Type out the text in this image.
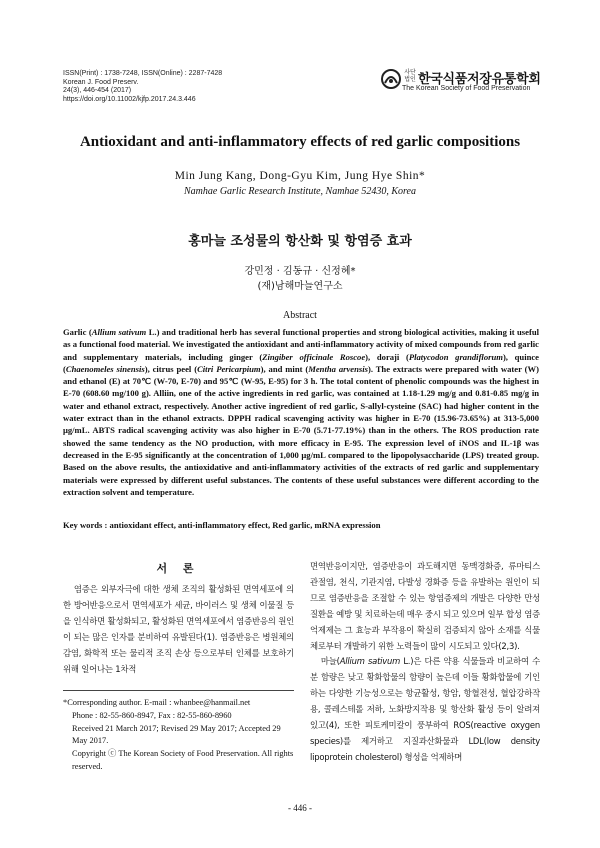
ISSN(Print) : 1738-7248, ISSN(Online) : 2287-7428
Korean J. Food Preserv.
24(3), 446-454 (2017)
https://doi.org/10.11002/kjfp.2017.24.3.446
사단 법인 한국식품저장유통학회
The Korean Society of Food Preservation
Antioxidant and anti-inflammatory effects of red garlic compositions
Min Jung Kang, Dong-Gyu Kim, Jung Hye Shin*
Namhae Garlic Research Institute, Namhae 52430, Korea
홍마늘 조성물의 항산화 및 항염증 효과
강민정 · 김동규 · 신정혜*
(재)남해마늘연구소
Abstract

Garlic (Allium sativum L.) and traditional herb has several functional properties and strong biological activities, making it useful as a functional food material. We investigated the antioxidant and anti-inflammatory activity of mixed compounds from red garlic and supplementary materials, including ginger (Zingiber officinale Roscoe), doraji (Platycodon grandiflorum), quince (Chaenomeles sinensis), citrus peel (Citri Pericarpium), and mint (Mentha arvensis). The extracts were prepared with water (W) and ethanol (E) at 70℃ (W-70, E-70) and 95℃ (W-95, E-95) for 3 h. The total content of phenolic compounds was the highest in E-70 (608.60 mg/100 g). Alliin, one of the active ingredients in red garlic, was contained at 1.18-1.29 mg/g and 0.81-0.85 mg/g in water and ethanol extract, respectively. Another active ingredient of red garlic, S-allyl-cysteine (SAC) had higher content in the water extract than in the ethanol extracts. DPPH radical scavenging activity was higher in E-70 (15.96-73.65%) at 313-5,000 μg/mL. ABTS radical scavenging activity was also higher in E-70 (5.71-77.19%) than in the others. The ROS production rate showed the same tendency as the NO production, with more efficacy in E-95. The expression level of iNOS and IL-1β was decreased in the E-95 significantly at the concentration of 1,000 μg/mL compared to the lipopolysaccharide (LPS) treated group. Based on the above results, the antioxidative and anti-inflammatory activities of the extracts of red garlic and supplementary materials were expressed by different useful substances. The contents of these useful substances were different according to the extraction solvent and temperature.

Key words : antioxidant effect, anti-inflammatory effect, Red garlic, mRNA expression
서 론

염증은 외부자극에 대한 생체 조직의 활성화된 면역세포에 의한 방어반응으로서 면역세포가 세균, 바이러스 및 생체 이물질 등을 인식하면 활성화되고, 활성화된 면역세포에서 염증반응의 원인이 되는 많은 인자를 분비하여 유발된다(1). 염증반응은 병원체의 감염, 화학적 또는 물리적 조직 손상 등으로부터 인체를 보호하기 위해 일어나는 1차적

면역반응이지만, 염증반응이 과도해지면 동맥경화증, 류마티스 관절염, 천식, 기관지염, 다발성 경화증 등을 유발하는 원인이 되므로 염증반응을 조절할 수 있는 항염증제의 개발은 다양한 만성 질환을 예방 및 치료하는데 매우 중시 되고 있으며 일부 합성 염증 억제제는 그 효능과 부작용이 확실히 검증되지 않아 소재를 식물체로부터 개발하기 위한 노력들이 많이 시도되고 있다(2,3).
마늘(Allium sativum L.)은 다른 약용 식물들과 비교하여 수분 함량은 낮고 황화합물의 함량이 높은데 이들 황화합물에 기인하는 다양한 기능성으로는 항균활성, 항암, 항혈전성, 혈압강하작용, 콜레스테롤 저하, 노화방지작용 및 항산화 활성 등이 알려져 있고(4), 또한 피토케미칼이 풍부하여 ROS(reactive oxygen species)를 제거하고 지질과산화물과 LDL(low density lipoprotein cholesterol) 형성을 억제하며

*Corresponding author. E-mail : whanbee@hanmail.net
Phone : 82-55-860-8947, Fax : 82-55-860-8960
Received 21 March 2017; Revised 29 May 2017; Accepted 29 May 2017.
Copyright ⓒ The Korean Society of Food Preservation. All rights reserved.
- 446 -
